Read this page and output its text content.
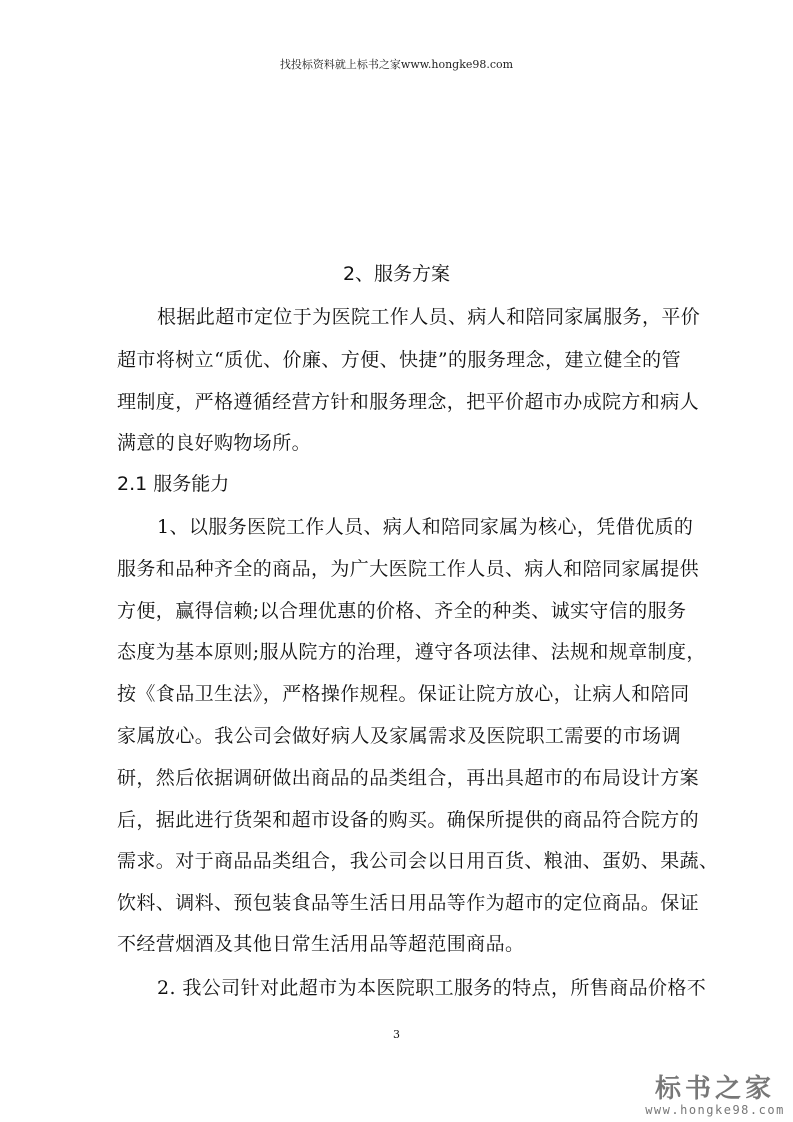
找投标资料就上标书之家www.hongke98.com
2、服务方案
根据此超市定位于为医院工作人员、病人和陪同家属服务，平价
超市将树立“质优、价廉、方便、快捷”的服务理念，建立健全的管
理制度，严格遵循经营方针和服务理念，把平价超市办成院方和病人
满意的良好购物场所。
2.1 服务能力
1、以服务医院工作人员、病人和陪同家属为核心，凭借优质的
服务和品种齐全的商品，为广大医院工作人员、病人和陪同家属提供
方便，赢得信赖;以合理优惠的价格、齐全的种类、诚实守信的服务
态度为基本原则;服从院方的治理，遵守各项法律、法规和规章制度，
按《食品卫生法》，严格操作规程。保证让院方放心，让病人和陪同
家属放心。我公司会做好病人及家属需求及医院职工需要的市场调
研，然后依据调研做出商品的品类组合，再出具超市的布局设计方案
后，据此进行货架和超市设备的购买。确保所提供的商品符合院方的
需求。对于商品品类组合，我公司会以日用百货、粮油、蛋奶、果蔬、
饮料、调料、预包装食品等生活日用品等作为超市的定位商品。保证
不经营烟酒及其他日常生活用品等超范围商品。
2. 我公司针对此超市为本医院职工服务的特点，所售商品价格不
3
标书之家
www.hongke98.com
